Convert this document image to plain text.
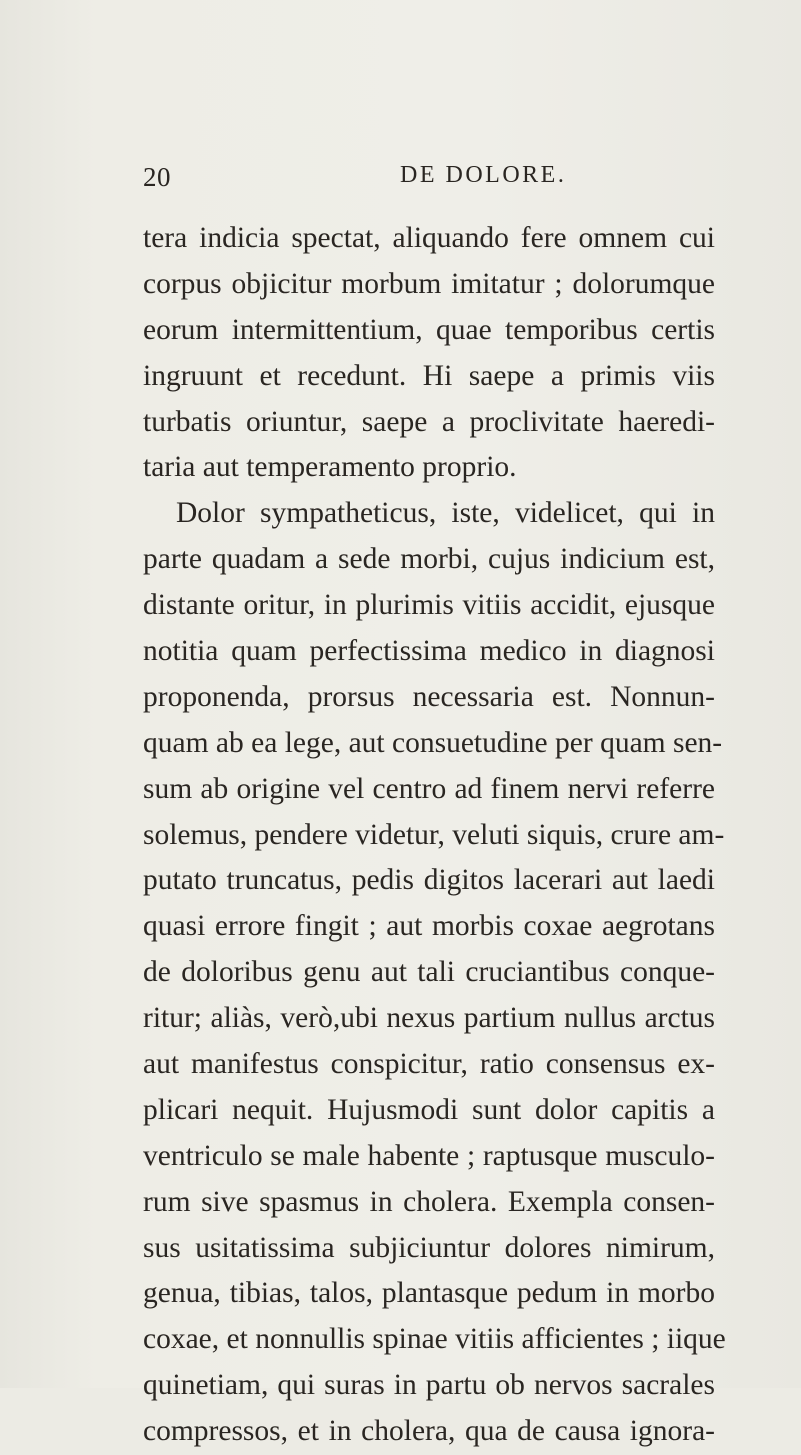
20	DE DOLORE.
tera indicia spectat, aliquando fere omnem cui
corpus objicitur morbum imitatur ; dolorumque
eorum intermittentium, quae temporibus certis
ingruunt et recedunt. Hi saepe a primis viis
turbatis oriuntur, saepe a proclivitate haeredi-
taria aut temperamento proprio.
Dolor sympatheticus, iste, videlicet, qui in
parte quadam a sede morbi, cujus indicium est,
distante oritur, in plurimis vitiis accidit, ejusque
notitia quam perfectissima medico in diagnosi
proponenda, prorsus necessaria est. Nonnun-
quam ab ea lege, aut consuetudine per quam sen-
sum ab origine vel centro ad finem nervi referre
solemus, pendere videtur, veluti siquis, crure am-
putato truncatus, pedis digitos lacerari aut laedi
quasi errore fingit ; aut morbis coxae aegrotans
de doloribus genu aut tali cruciantibus conque-
ritur; aliàs, verò,ubi nexus partium nullus arctus
aut manifestus conspicitur, ratio consensus ex-
plicari nequit. Hujusmodi sunt dolor capitis a
ventriculo se male habente ; raptusque musculo-
rum sive spasmus in cholera. Exempla consen-
sus usitatissima subjiciuntur dolores nimirum,
genua, tibias, talos, plantasque pedum in morbo
coxae, et nonnullis spinae vitiis afficientes ; iique
quinetiam, qui suras in partu ob nervos sacrales
compressos, et in cholera, qua de causa ignora-
